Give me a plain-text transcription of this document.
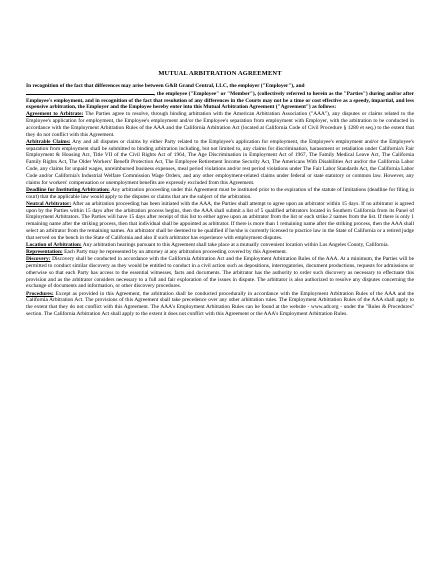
MUTUAL ARBITRATION AGREEMENT

In recognition of the fact that differences may arise between G&B Grand Central, LLC, the employer ("Employer"), and
, the employee ("Employee" or "Member"), (collectively referred to herein as the "Parties") during and/or after Employee's employment, and in recognition of the fact that resolution of any differences in the Courts may not be a time or cost effective as a speedy, impartial, and less expensive arbitration, the Employer and the Employee hereby enter into this Mutual Arbitration Agreement ("Agreement") as follows:

Agreement to Arbitrate: The Parties agree to resolve, through binding arbitration with the American Arbitration Association ("AAA"), any disputes or claims related to the Employee's application for employment, the Employee's employment and/or the Employee's separation from employment with Employer, with the arbitration to be conducted in accordance with the Employment Arbitration Rules of the AAA and the California Arbitration Act (located at California Code of Civil Procedure § 1280 et seq.) to the extent that they do not conflict with this Agreement.

Arbitrable Claims: Any and all disputes or claims by either Party related to the Employee's application for employment, the Employee's employment and/or the Employee's separation from employment shall be submitted to binding arbitration including, but not limited to, any claims for discrimination, harassment or retaliation under California's Fair Employment & Housing Act, Title VII of the Civil Rights Act of 1964, The Age Discrimination in Employment Act of 1967, The Family Medical Leave Act, The California Family Rights Act, The Older Workers' Benefit Protection Act, The Employee Retirement Income Security Act, The Americans With Disabilities Act and/or the California Labor Code, any claims for unpaid wages, unreimbursed business expenses, meal period violations and/or rest period violations under The Fair Labor Standards Act, the California Labor Code and/or California's Industrial Welfare Commission Wage Orders, and any other employment-related claims under federal or state statutory or common law. However, any claims for workers' compensation or unemployment benefits are expressly excluded from this Agreement.

Deadline for Instituting Arbitration: Any arbitration proceeding under this Agreement must be instituted prior to the expiration of the statute of limitations (deadline for filing in court) that the applicable law would apply to the disputes or claims that are the subject of the arbitration.

Neutral Arbitrator: After an arbitration proceeding has been initiated with the AAA, the Parties shall attempt to agree upon an arbitrator within 15 days. If no arbitrator is agreed upon by the Parties within 15 days after the arbitration process begins, then the AAA shall submit a list of 5 qualified arbitrators located in Southern California from its Panel of Employment Arbitrators. The Parties will have 15 days after receipt of this list to either agree upon an arbitrator from the list or each strike 2 names from the list. If there is only 1 remaining name after the striking process, then that individual shall be appointed as arbitrator. If there is more than 1 remaining name after the striking process, then the AAA shall select an arbitrator from the remaining names. An arbitrator shall be deemed to be qualified if he/she is currently licensed to practice law in the State of California or a retired judge that served on the bench in the State of California and also if such arbitrator has experience with employment disputes.

Location of Arbitration: Any arbitration hearings pursuant to this Agreement shall take place at a mutually convenient location within Los Angeles County, California.

Representation: Each Party may be represented by an attorney at any arbitration proceeding covered by this Agreement.

Discovery: Discovery shall be conducted in accordance with the California Arbitration Act and the Employment Arbitration Rules of the AAA. At a minimum, the Parties will be permitted to conduct similar discovery as they would be entitled to conduct in a civil action such as depositions, interrogatories, document productions, requests for admissions or otherwise so that each Party has access to the essential witnesses, facts and documents. The arbitrator has the authority to order such discovery as necessary to effectuate this provision and as the arbitrator considers necessary to a full and fair exploration of the issues in dispute. The arbitrator is also authorized to resolve any disputes concerning the exchange of documents and information, or other discovery procedures.

Procedures: Except as provided in this Agreement, the arbitration shall be conducted procedurally in accordance with the Employment Arbitration Rules of the AAA and the California Arbitration Act. The provisions of this Agreement shall take precedence over any other arbitration rules. The Employment Arbitration Rules of the AAA shall apply to the extent that they do not conflict with this Agreement. The AAA's Employment Arbitration Rules can be found at the website - www.adr.org - under the "Rules & Procedures" section. The California Arbitration Act shall apply to the extent it does not conflict with this Agreement or the AAA's Employment Arbitration Rules.
